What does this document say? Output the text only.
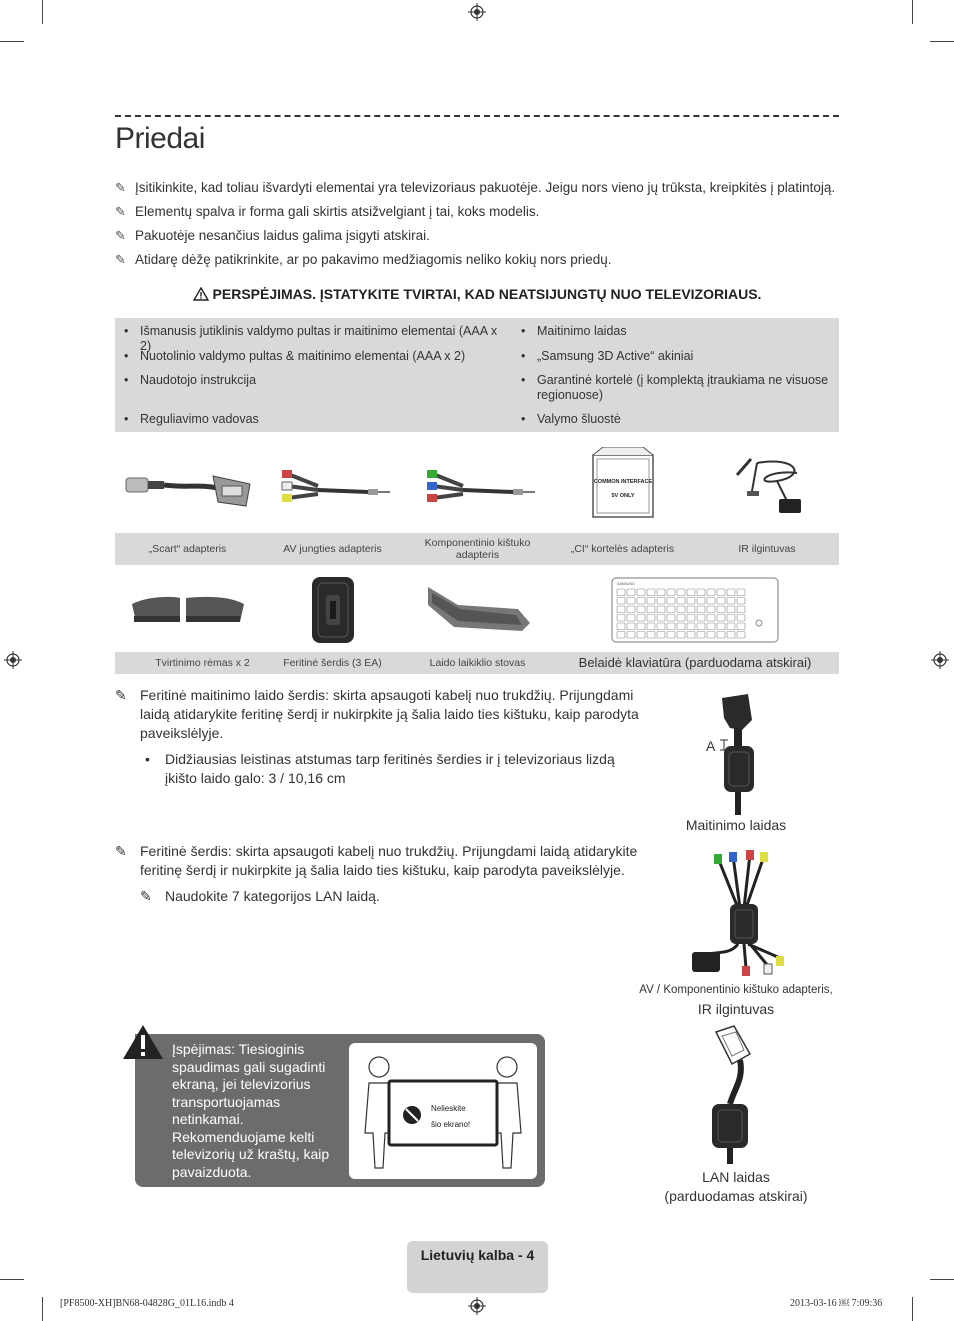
Priedai
✎ Įsitikinkite, kad toliau išvardyti elementai yra televizoriaus pakuotėje. Jeigu nors vieno jų trūksta, kreipkitės į platintoją.
✎ Elementų spalva ir forma gali skirtis atsižvelgiant į tai, koks modelis.
✎ Pakuotėje nesančius laidus galima įsigyti atskirai.
✎ Atidarę dėžę patikrinkite, ar po pakavimo medžiagomis neliko kokių nors priedų.
PERSPĖJIMAS. ĮSTATYKITE TVIRTAI, KAD NEATSIJUNGTŲ NUO TELEVIZORIAUS.
• Išmanusis jutiklinis valdymo pultas ir maitinimo elementai (AAA x 2)
• Nuotolinio valdymo pultas & maitinimo elementai (AAA x 2)
• Naudotojo instrukcija
• Reguliavimo vadovas
• Maitinimo laidas
• „Samsung 3D Active“ akiniai
• Garantinė kortelė (į komplektą įtraukiama ne visuose regionuose)
• Valymo šluostė
COMMON INTERFACE
5V ONLY
„Scart“ adapteris	AV jungties adapteris	Komponentinio kištuko adapteris	„CI“ kortelės adapteris	IR ilgintuvas
SAMSUNG
Tvirtinimo rėmas x 2	Feritinė šerdis (3 EA)	Laido laikiklio stovas	Belaidė klaviatūra (parduodama atskirai)
✎ Feritinė maitinimo laido šerdis: skirta apsaugoti kabelį nuo trukdžių. Prijungdami laidą atidarykite feritinę šerdį ir nukirpkite ją šalia laido ties kištuku, kaip parodyta paveikslėlyje.
•	Didžiausias leistinas atstumas tarp feritinės šerdies ir į televizoriaus lizdą įkišto laido galo: 3 / 10,16 cm
A
Maitinimo laidas
✎ Feritinė šerdis: skirta apsaugoti kabelį nuo trukdžių. Prijungdami laidą atidarykite feritinę šerdį ir nukirpkite ją šalia laido ties kištuku, kaip parodyta paveikslėlyje.
✎ Naudokite 7 kategorijos LAN laidą.
AV / Komponentinio kištuko adapteris,
IR ilgintuvas
LAN laidas
(parduodamas atskirai)
Įspėjimas: Tiesioginis spaudimas gali sugadinti ekraną, jei televizorius transportuojamas netinkamai. Rekomenduojame kelti televizorių už kraštų, kaip pavaizduota.
Nelieskite
šio ekrano!
Lietuvių kalba - 4
[PF8500-XH]BN68-04828G_01L16.indb 4	2013-03-16 ￼ 7:09:36
